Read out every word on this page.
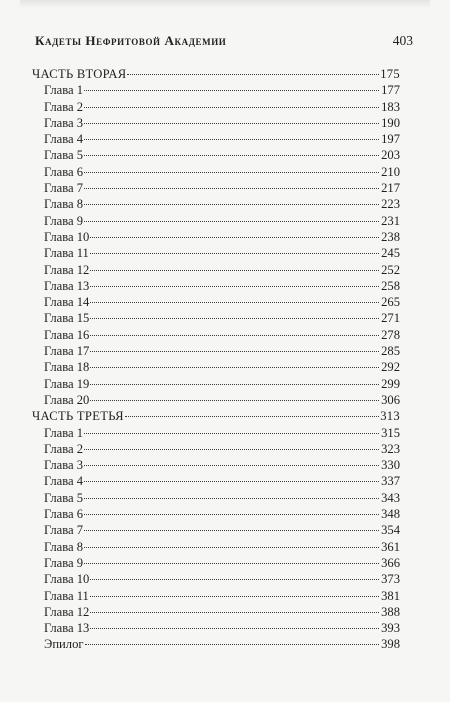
Кадеты Нефритовой Академии	403
ЧАСТЬ ВТОРАЯ	175
Глава 1	177
Глава 2	183
Глава 3	190
Глава 4	197
Глава 5	203
Глава 6	210
Глава 7	217
Глава 8	223
Глава 9	231
Глава 10	238
Глава 11	245
Глава 12	252
Глава 13	258
Глава 14	265
Глава 15	271
Глава 16	278
Глава 17	285
Глава 18	292
Глава 19	299
Глава 20	306
ЧАСТЬ ТРЕТЬЯ	313
Глава 1	315
Глава 2	323
Глава 3	330
Глава 4	337
Глава 5	343
Глава 6	348
Глава 7	354
Глава 8	361
Глава 9	366
Глава 10	373
Глава 11	381
Глава 12	388
Глава 13	393
Эпилог	398
